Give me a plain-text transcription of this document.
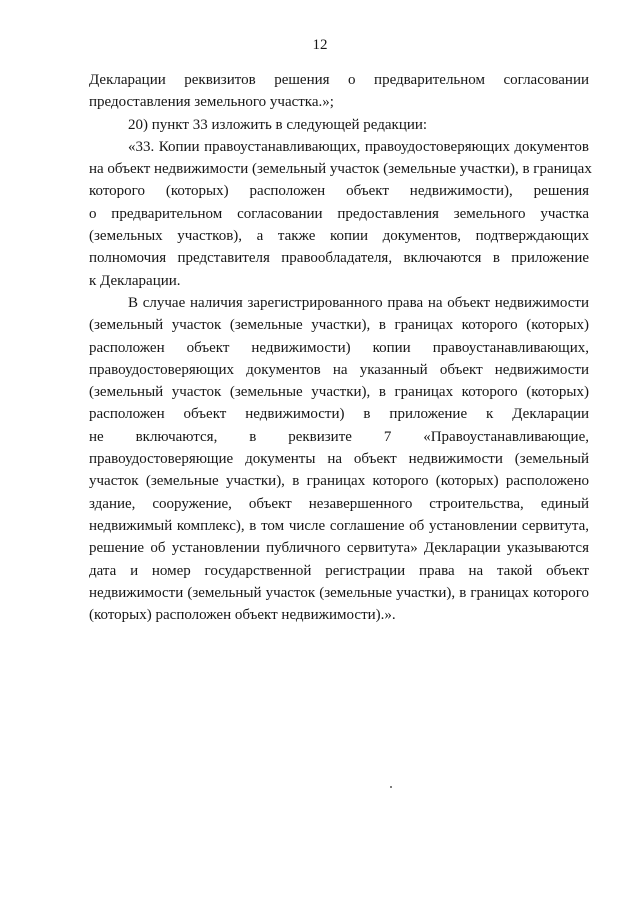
12
Декларации реквизитов решения о предварительном согласовании
предоставления земельного участка.»;
20) пункт 33 изложить в следующей редакции:
«33. Копии правоустанавливающих, правоудостоверяющих документов
на объект недвижимости (земельный участок (земельные участки), в границах
которого (которых) расположен объект недвижимости), решения
о предварительном согласовании предоставления земельного участка
(земельных участков), а также копии документов, подтверждающих
полномочия представителя правообладателя, включаются в приложение
к Декларации.
В случае наличия зарегистрированного права на объект недвижимости
(земельный участок (земельные участки), в границах которого (которых)
расположен объект недвижимости) копии правоустанавливающих,
правоудостоверяющих документов на указанный объект недвижимости
(земельный участок (земельные участки), в границах которого (которых)
расположен объект недвижимости) в приложение к Декларации
не включаются, в реквизите 7 «Правоустанавливающие,
правоудостоверяющие документы на объект недвижимости (земельный
участок (земельные участки), в границах которого (которых) расположено
здание, сооружение, объект незавершенного строительства, единый
недвижимый комплекс), в том числе соглашение об установлении сервитута,
решение об установлении публичного сервитута» Декларации указываются
дата и номер государственной регистрации права на такой объект
недвижимости (земельный участок (земельные участки), в границах которого
(которых) расположен объект недвижимости).».
